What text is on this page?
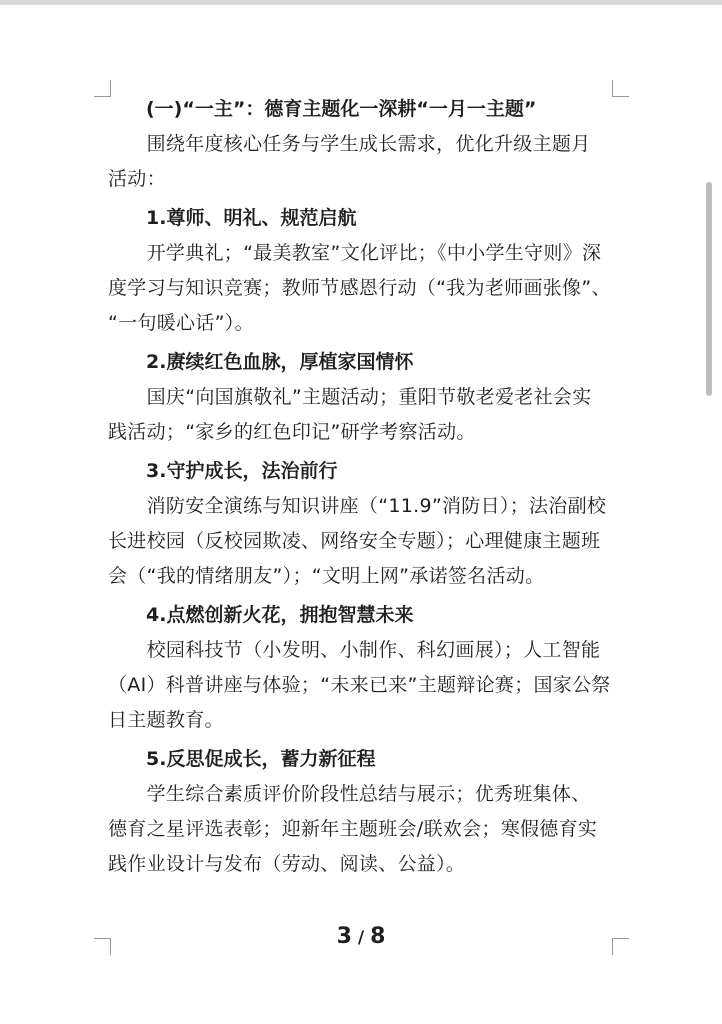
(一)“一主”：德育主题化一深耕“一月一主题”

　　围绕年度核心任务与学生成长需求，优化升级主题月

活动：

1.尊师、明礼、规范启航

　　开学典礼；“最美教室”文化评比；《中小学生守则》深

度学习与知识竞赛；教师节感恩行动（“我为老师画张像”、

“一句暖心话”）。

2.赓续红色血脉，厚植家国情怀

　　国庆“向国旗敬礼”主题活动；重阳节敬老爱老社会实

践活动；“家乡的红色印记”研学考察活动。

3.守护成长，法治前行

　　消防安全演练与知识讲座（“11.9”消防日）；法治副校

长进校园（反校园欺凌、网络安全专题）；心理健康主题班

会（“我的情绪朋友”）；“文明上网”承诺签名活动。

4.点燃创新火花，拥抱智慧未来

　　校园科技节（小发明、小制作、科幻画展）；人工智能

（AI）科普讲座与体验；“未来已来”主题辩论赛；国家公祭

日主题教育。

5.反思促成长，蓄力新征程

　　学生综合素质评价阶段性总结与展示；优秀班集体、

德育之星评选表彰；迎新年主题班会/联欢会；寒假德育实

践作业设计与发布（劳动、阅读、公益）。

3 / 8
